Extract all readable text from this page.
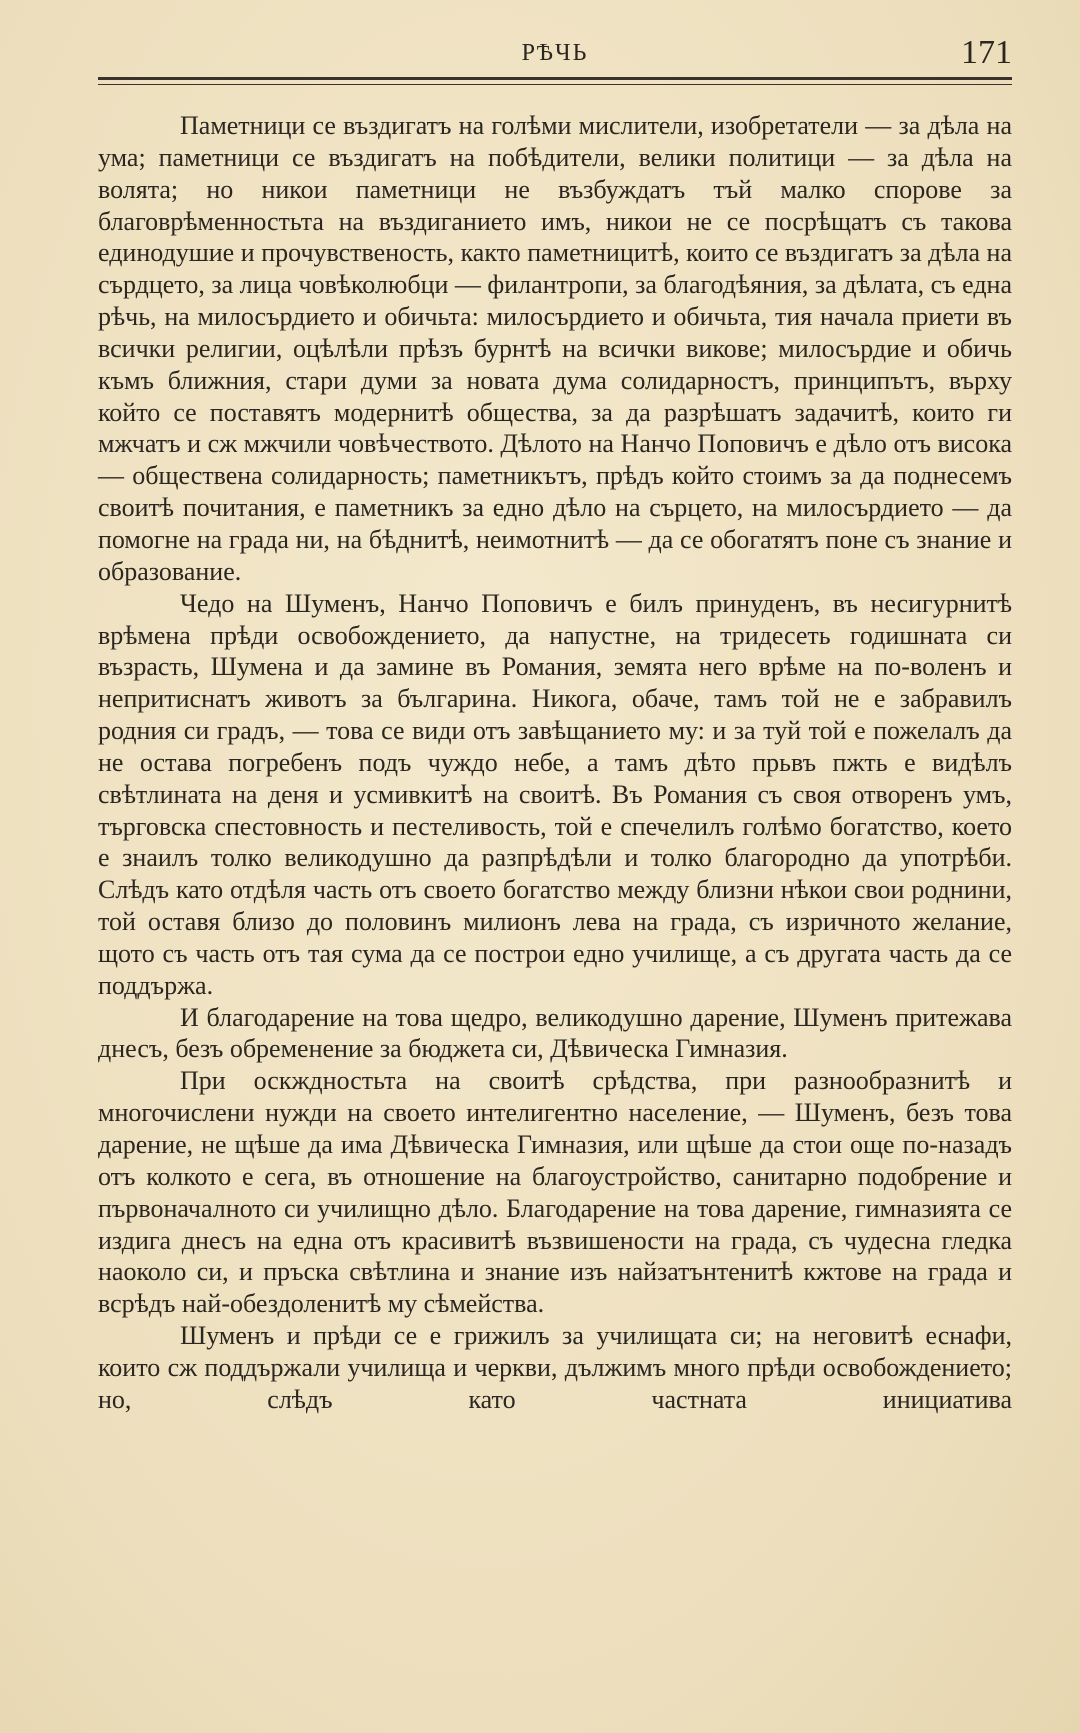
РѢЧЬ	171

Паметници се въздигатъ на голѣми мислители, изобретатели — за дѣла на ума; паметници се въздигатъ на побѣдители, велики политици — за дѣла на волята; но никои паметници не възбуждатъ тъй малко спорове за благоврѣменностьта на въздиганието имъ, никои не се посрѣщатъ съ такова единодушие и прочувственость, както паметницитѣ, които се въздигатъ за дѣла на сърдцето, за лица човѣколюбци — филантропи, за благодѣяния, за дѣлата, съ една рѣчь, на милосърдието и обичьта: милосърдието и обичьта, тия начала приети въ всички религии, оцѣлѣли прѣзъ бурнтѣ на всички викове; милосърдие и обичь къмъ ближния, стари думи за новата дума солидарностъ, принципътъ, върху който се поставятъ модернитѣ общества, за да разрѣшатъ задачитѣ, които ги мжчатъ и сж мжчили човѣчеството. Дѣлото на Нанчо Поповичъ е дѣло отъ висока — обществена солидарность; паметникътъ, прѣдъ който стоимъ за да поднесемъ своитѣ почитания, е паметникъ за едно дѣло на сърцето, на милосърдието — да помогне на града ни, на бѣднитѣ, неимотнитѣ — да се обогатятъ поне съ знание и образование.

Чедо на Шуменъ, Нанчо Поповичъ е билъ принуденъ, въ несигурнитѣ врѣмена прѣди освобождението, да напустне, на тридесеть годишната си възрасть, Шумена и да замине въ Романия, земята него врѣме на по-воленъ и непритиснатъ животъ за българина. Никога, обаче, тамъ той не е забравилъ родния си градъ, — това се види отъ завѣщанието му: и за туй той е пожелалъ да не остава погребенъ подъ чуждо небе, а тамъ дѣто прьвъ пжть е видѣлъ свѣтлината на деня и усмивкитѣ на своитѣ. Въ Романия съ своя отворенъ умъ, търговска спестовность и пестеливость, той е спечелилъ голѣмо богатство, което е знаилъ толко великодушно да разпрѣдѣли и толко благородно да употрѣби. Слѣдъ като отдѣля часть отъ своето богатство между близни нѣкои свои роднини, той оставя близо до половинъ милионъ лева на града, съ изричното желание, щото съ часть отъ тая сума да се построи едно училище, а съ другата часть да се поддържа.

И благодарение на това щедро, великодушно дарение, Шуменъ притежава днесъ, безъ обременение за бюджета си, Дѣвическа Гимназия.

При оскждностьта на своитѣ срѣдства, при разнообразнитѣ и многочислени нужди на своето интелигентно население, — Шуменъ, безъ това дарение, не щѣше да има Дѣвическа Гимназия, или щѣше да стои още по-назадъ отъ колкото е сега, въ отношение на благоустройство, санитарно подобрение и първоначалното си училищно дѣло. Благодарение на това дарение, гимназията се издига днесъ на една отъ красивитѣ възвишености на града, съ чудесна гледка наоколо си, и пръска свѣтлина и знание изъ найзатънтенитѣ кжтове на града и всрѣдъ най-обездоленитѣ му сѣмейства.

Шуменъ и прѣди се е грижилъ за училищата си; на неговитѣ еснафи, които сж поддържали училища и черкви, дължимъ много прѣди освобождението; но, слѣдъ като частната инициатива
